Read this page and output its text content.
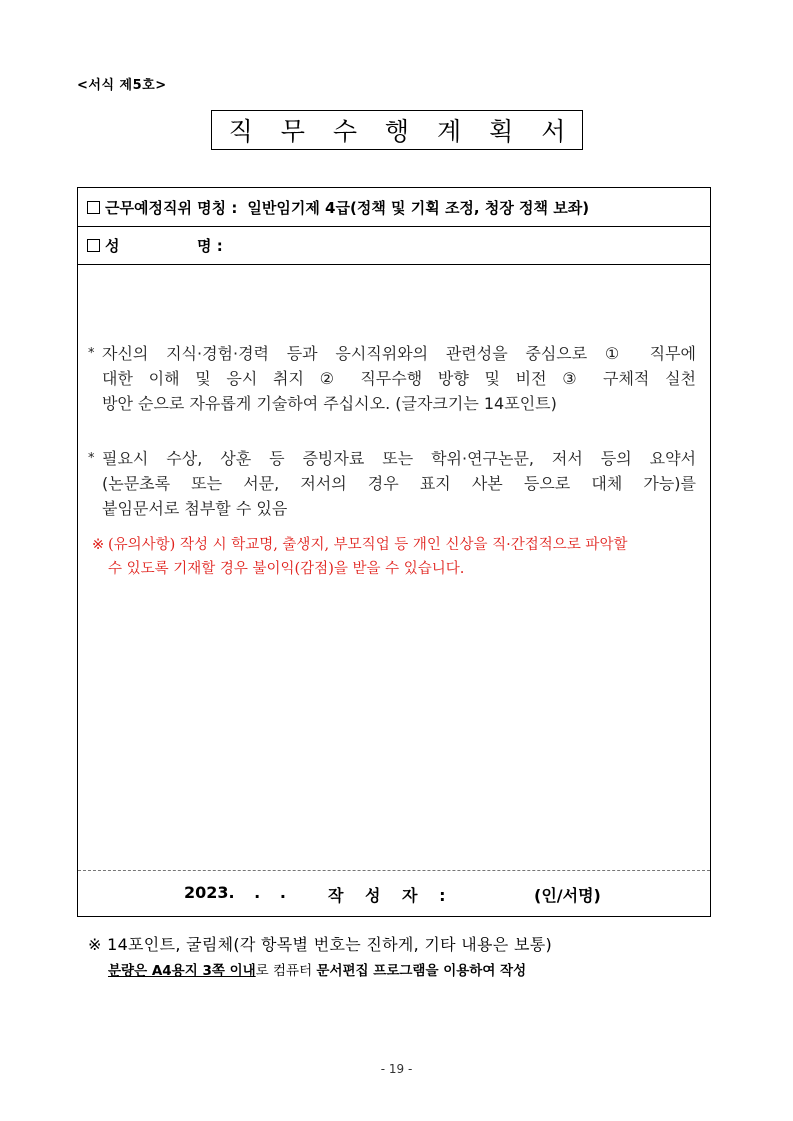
<서식 제5호>
직 무 수 행 계 획 서
근무예정직위 명칭 : 일반임기제 4급(정책 및 기획 조정, 청장 정책 보좌)
성	명 :
* 자신의 지식·경험·경력 등과 응시직위와의 관련성을 중심으로 ① 직무에
대한 이해 및 응시 취지 ② 직무수행 방향 및 비전 ③ 구체적 실천
방안 순으로 자유롭게 기술하여 주십시오. (글자크기는 14포인트)
* 필요시 수상, 상훈 등 증빙자료 또는 학위·연구논문, 저서 등의 요약서
(논문초록 또는 서문, 저서의 경우 표지 사본 등으로 대체 가능)를
붙임문서로 첨부할 수 있음
※ (유의사항) 작성 시 학교명, 출생지, 부모직업 등 개인 신상을 직·간접적으로 파악할
수 있도록 기재할 경우 불이익(감점)을 받을 수 있습니다.
2023. . .	작 성 자 :	(인/서명)
※ 14포인트, 굴림체(각 항목별 번호는 진하게, 기타 내용은 보통)
분량은 A4용지 3쪽 이내로 컴퓨터 문서편집 프로그램을 이용하여 작성
- 19 -
